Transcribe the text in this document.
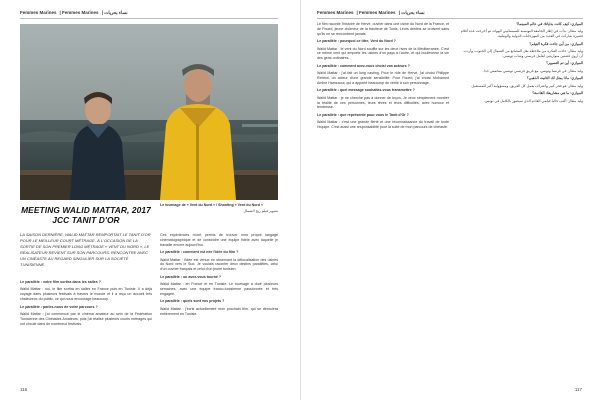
Femmes Marines | Femmes Marines | نساء بحريات

Le tournage de « Vent du Nord » / Shooting « Vent du Nord »

تصوير فيلم ريح الشمال

MEETING WALID MATTAR, 2017 JCC TANIT D'OR
LA SAISON DERNIÈRE, WALID MATTAR REMPORTAIT LE TANIT D'OR POUR LE MEILLEUR COURT MÉTRAGE. À L'OCCASION DE LA SORTIE DE SON PREMIER LONG MÉTRAGE « VENT DU NORD », LE RÉALISATEUR REVIENT SUR SON PARCOURS. RENCONTRE AVEC UN CINÉASTE AU REGARD SINGULIER SUR LA SOCIÉTÉ TUNISIENNE.

Le parallèle : votre film sortira dans les salles ?

Walid Mattar : oui, le film sortira en salles en France puis en Tunisie. Il a déjà voyagé dans plusieurs festivals à travers le monde et il a reçu un accueil très chaleureux du public, ce qui nous encourage beaucoup.

Le parallèle : parlez-nous de votre parcours ?

Walid Mattar : j'ai commencé par le cinéma amateur au sein de la Fédération Tunisienne des Cinéastes Amateurs, puis j'ai réalisé plusieurs courts métrages qui ont circulé dans de nombreux festivals.

Ces expériences m'ont permis de trouver mon propre langage cinématographique et de construire une équipe fidèle avec laquelle je travaille encore aujourd'hui.

Le parallèle : comment est née l'idée du film ?

Walid Mattar : l'idée est venue en observant la délocalisation des usines du Nord vers le Sud. Je voulais raconter deux destins parallèles, celui d'un ouvrier français et celui d'un jeune tunisien.

Le parallèle : où avez-vous tourné ?

Walid Mattar : en France et en Tunisie. Le tournage a duré plusieurs semaines, avec une équipe franco-tunisienne passionnée et très engagée.

Le parallèle : quels sont vos projets ?

Walid Mattar : j'écris actuellement mon prochain film, qui se déroulera entièrement en Tunisie.

116
Femmes Marines | Femmes Marines | نساء بحريات

Le film raconte l'histoire de Hervé, ouvrier dans une usine du Nord de la France, et de Foued, jeune chômeur de la banlieue de Tunis. Leurs destins se croisent sans qu'ils ne se rencontrent jamais.

Le parallèle : pourquoi ce titre, Vent du Nord ?

Walid Mattar : le vent du Nord souffle sur les deux rives de la Méditerranée. C'est ce même vent qui emporte les usines d'un pays à l'autre, et qui bouleverse la vie des gens ordinaires.

Le parallèle : comment avez-vous choisi vos acteurs ?

Walid Mattar : j'ai fait un long casting. Pour le rôle de Hervé, j'ai choisi Philippe Rebbot, un acteur d'une grande sensibilité. Pour Foued, j'ai choisi Mohamed Amine Hamzaoui, qui a apporté beaucoup de vérité à son personnage.

Le parallèle : quel message souhaitez-vous transmettre ?

Walid Mattar : je ne cherche pas à donner de leçon. Je veux simplement montrer la réalité de ces personnes, leurs rêves et leurs difficultés, avec humour et tendresse.

Le parallèle : que représente pour vous le Tanit d'Or ?

Walid Mattar : c'est une grande fierté et une reconnaissance du travail de toute l'équipe. C'est aussi une responsabilité pour la suite de mon parcours de cinéaste.

الموازي: كيف كانت بداياتك في عالم السينما؟

وليد مطار: بدأت في إطار الجامعة التونسية للسينمائيين الهواة، ثم أخرجت عدة أفلام قصيرة شاركت في العديد من المهرجانات الدولية والوطنية.

الموازي: من أين جاءت فكرة الفيلم؟

وليد مطار: جاءت الفكرة من ملاحظة نقل المصانع من الشمال إلى الجنوب، وأردت أن أروي قصتين متوازيتين لعامل فرنسي وشاب تونسي.

الموازي: أين تم التصوير؟

وليد مطار: في فرنسا وتونس، مع فريق فرنسي تونسي متحمس جدا.

الموازي: ماذا يمثل لك التانيت الذهبي؟

وليد مطار: هو فخر كبير واعتراف بعمل كل الفريق، ومسؤولية أكبر للمستقبل.

الموازي: ما هي مشاريعك القادمة؟

وليد مطار: أكتب حاليا فيلمي القادم الذي سيصور بالكامل في تونس.

117
